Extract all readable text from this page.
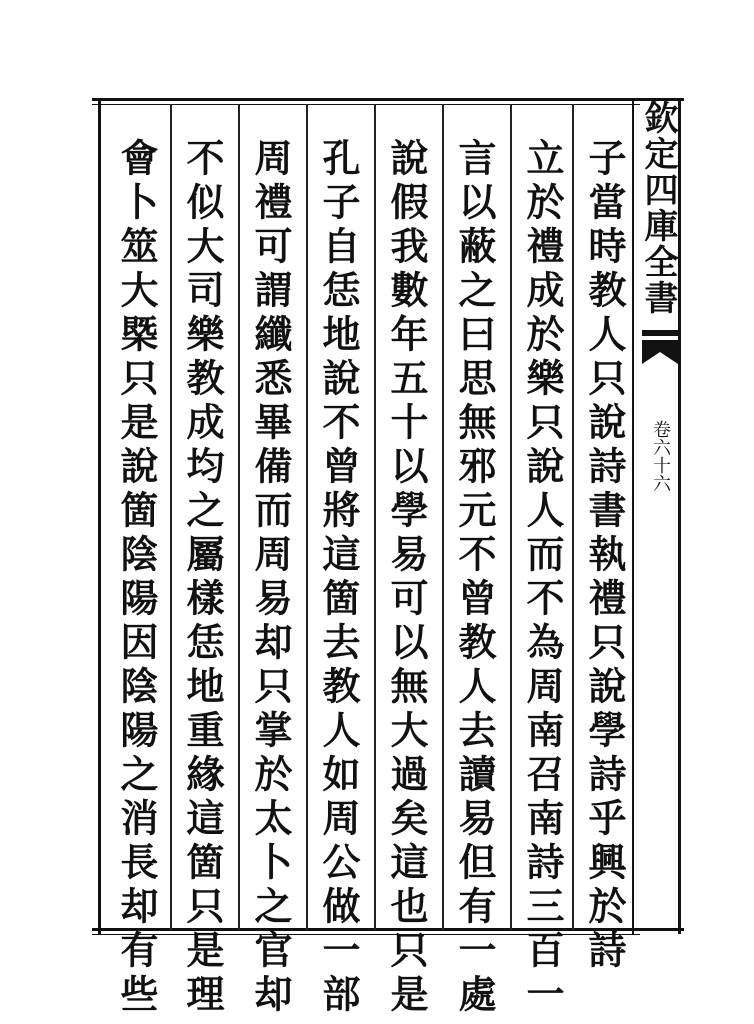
欽定四庫全書
卷六十六
子當時教人只說詩書執禮只說學詩乎興於詩
立於禮成於樂只說人而不為周南召南詩三百一
言以蔽之曰思無邪元不曾教人去讀易但有一處
說假我數年五十以學易可以無大過矣這也只是
孔子自恁地說不曾將這箇去教人如周公做一部
周禮可謂纖悉畢備而周易却只掌於太卜之官却
不似大司樂教成均之屬樣恁地重緣這箇只是理
會卜筮大槩只是說箇陰陽因陰陽之消長却有些
